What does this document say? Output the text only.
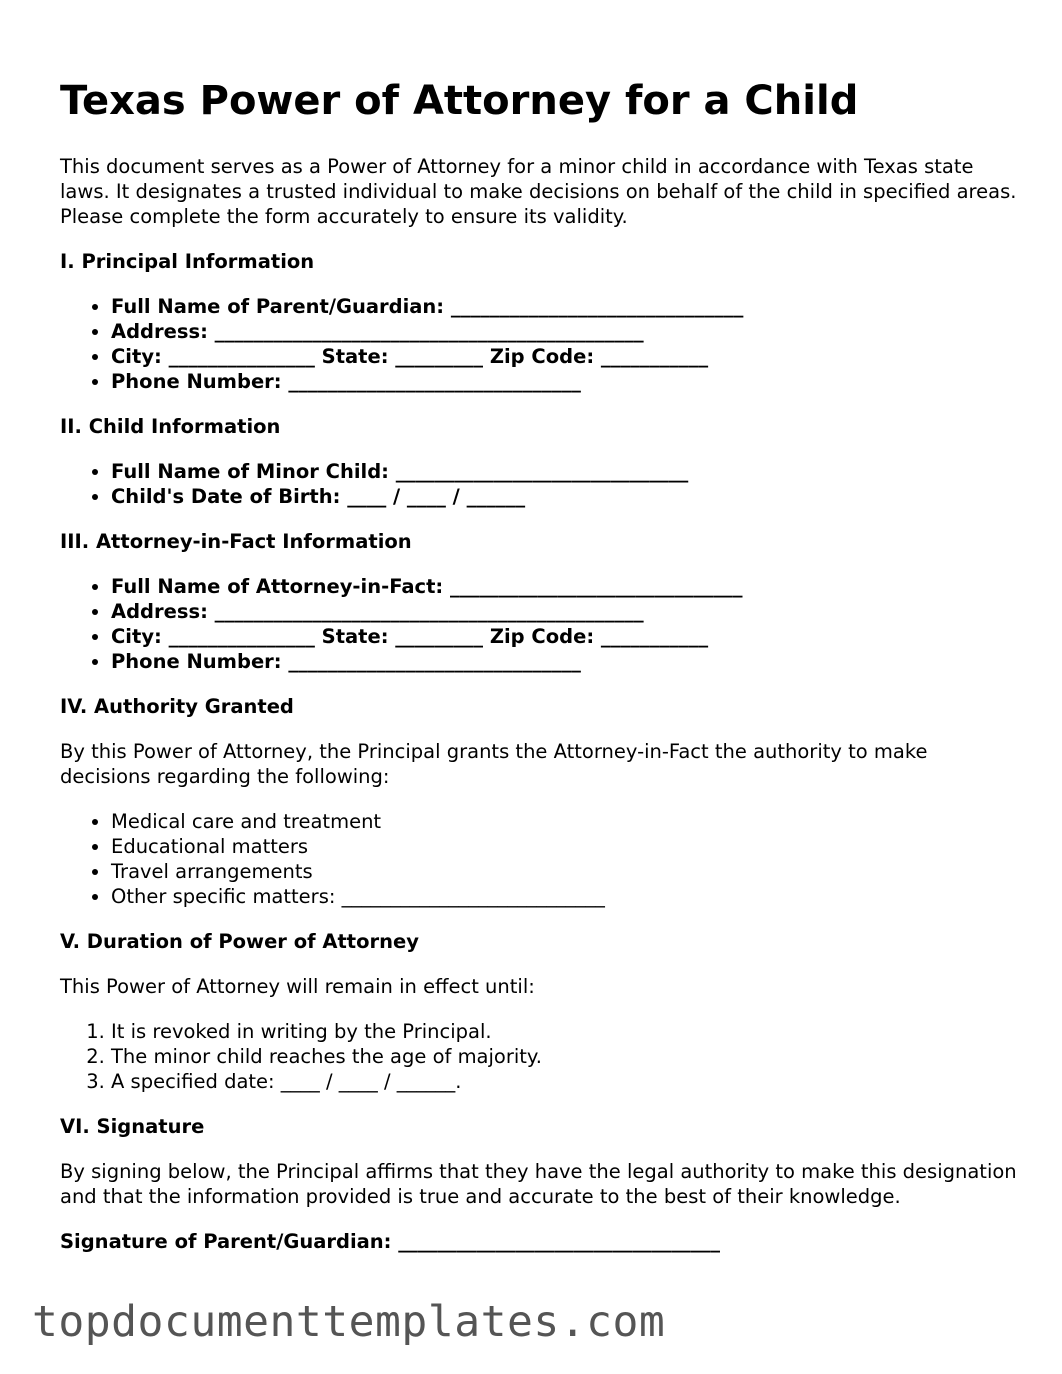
Texas Power of Attorney for a Child

This document serves as a Power of Attorney for a minor child in accordance with Texas state laws. It designates a trusted individual to make decisions on behalf of the child in specified areas. Please complete the form accurately to ensure its validity.

I. Principal Information
• Full Name of Parent/Guardian: ______________________________
• Address: ____________________________________________
• City: _______________ State: _________ Zip Code: ___________
• Phone Number: ______________________________
II. Child Information
• Full Name of Minor Child: ______________________________
• Child's Date of Birth: ____ / ____ / ______
III. Attorney-in-Fact Information
• Full Name of Attorney-in-Fact: ______________________________
• Address: ____________________________________________
• City: _______________ State: _________ Zip Code: ___________
• Phone Number: ______________________________
IV. Authority Granted

By this Power of Attorney, the Principal grants the Attorney-in-Fact the authority to make decisions regarding the following:

• Medical care and treatment
• Educational matters
• Travel arrangements
• Other specific matters: ___________________________
V. Duration of Power of Attorney

This Power of Attorney will remain in effect until:

1. It is revoked in writing by the Principal.
2. The minor child reaches the age of majority.
3. A specified date: ____ / ____ / ______.
VI. Signature

By signing below, the Principal affirms that they have the legal authority to make this designation and that the information provided is true and accurate to the best of their knowledge.

Signature of Parent/Guardian: _________________________________
topdocumenttemplates.com
